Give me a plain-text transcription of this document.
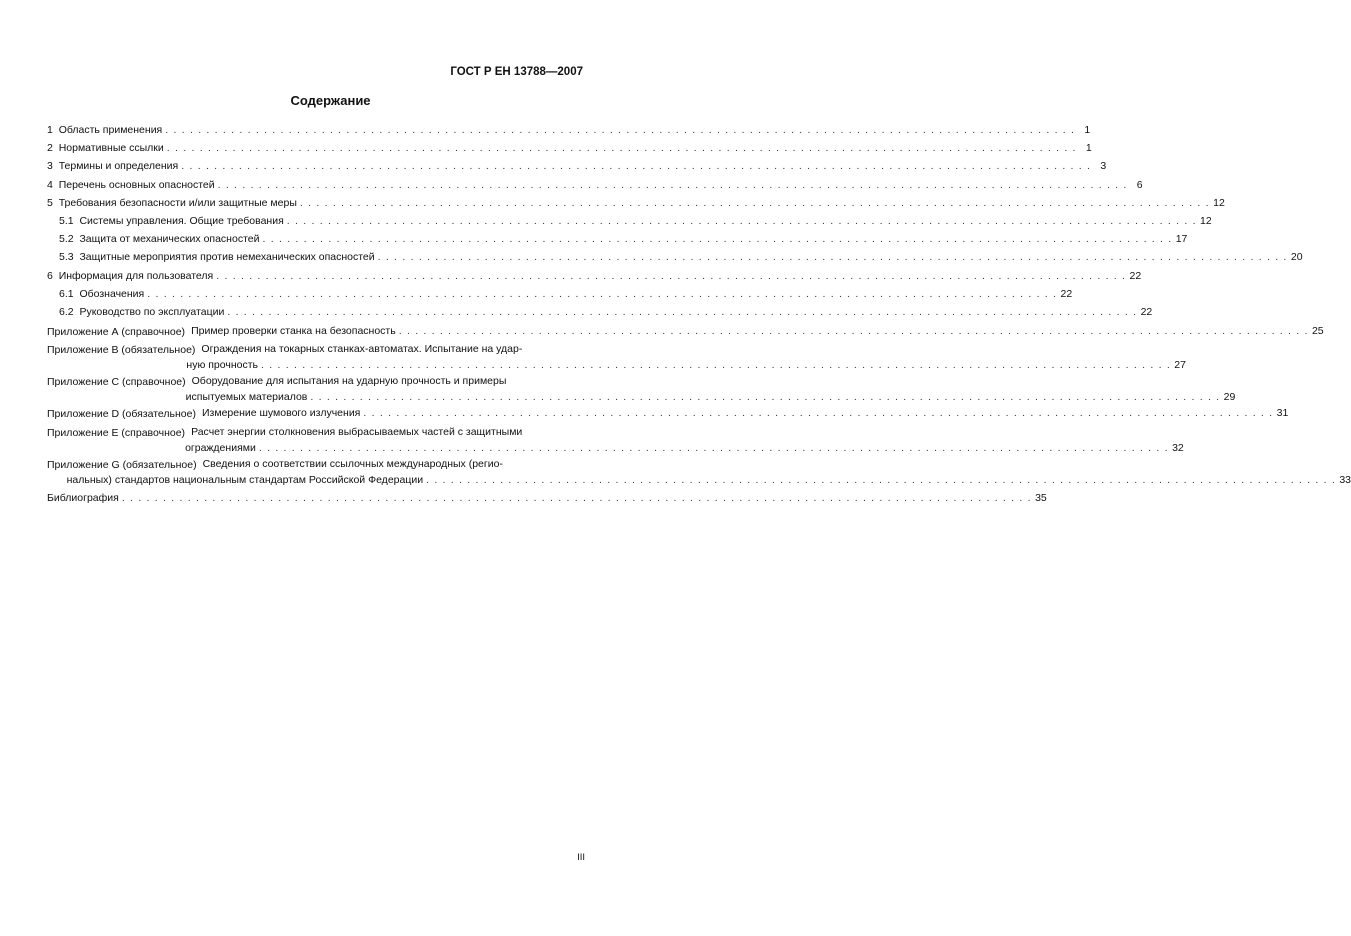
ГОСТ Р ЕН 13788—2007
Содержание
1 Область применения . . .	1
2 Нормативные ссылки . . .	1
3 Термины и определения . . .	3
4 Перечень основных опасностей . . .	6
5 Требования безопасности и/или защитные меры . . .	12
5.1 Системы управления. Общие требования . . .	12
5.2 Защита от механических опасностей . . .	17
5.3 Защитные мероприятия против немеханических опасностей . . .	20
6 Информация для пользователя . . .	22
6.1 Обозначения . . .	22
6.2 Руководство по эксплуатации . . .	22
Приложение А (справочное) Пример проверки станка на безопасность . . .	25
Приложение В (обязательное) Ограждения на токарных станках-автоматах. Испытание на удар-
ную прочность . . .	27
Приложение С (справочное) Оборудование для испытания на ударную прочность и примеры
испытуемых материалов . . .	29
Приложение D (обязательное) Измерение шумового излучения . . .	31
Приложение Е (справочное) Расчет энергии столкновения выбрасываемых частей с защитными
ограждениями . . .	32
Приложение G (обязательное) Сведения о соответствии ссылочных международных (регио-
нальных) стандартов национальным стандартам Российской Федерации . . .	33
Библиография . . .	35
III
